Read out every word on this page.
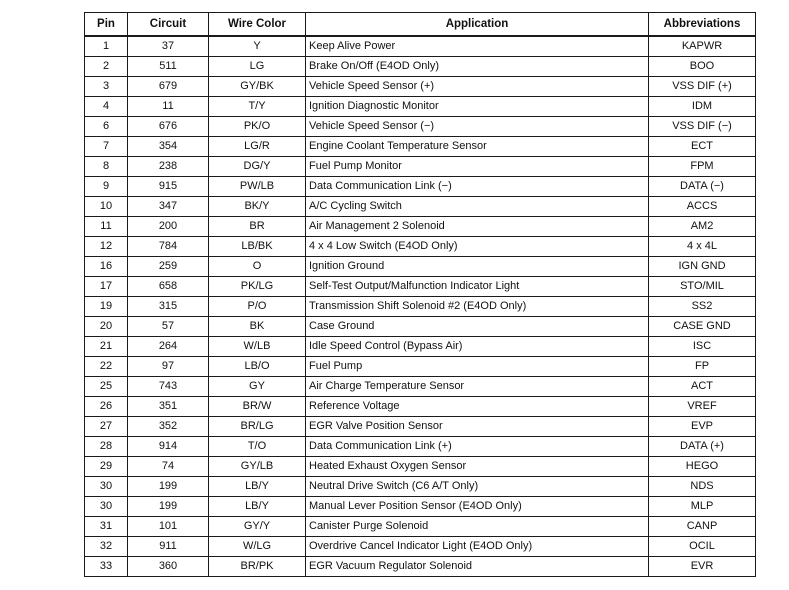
Pin	Circuit	Wire Color	Application	Abbreviations
1	37	Y	Keep Alive Power	KAPWR
2	511	LG	Brake On/Off (E4OD Only)	BOO
3	679	GY/BK	Vehicle Speed Sensor (+)	VSS DIF (+)
4	11	T/Y	Ignition Diagnostic Monitor	IDM
6	676	PK/O	Vehicle Speed Sensor (−)	VSS DIF (−)
7	354	LG/R	Engine Coolant Temperature Sensor	ECT
8	238	DG/Y	Fuel Pump Monitor	FPM
9	915	PW/LB	Data Communication Link (−)	DATA (−)
10	347	BK/Y	A/C Cycling Switch	ACCS
11	200	BR	Air Management 2 Solenoid	AM2
12	784	LB/BK	4 x 4 Low Switch (E4OD Only)	4 x 4L
16	259	O	Ignition Ground	IGN GND
17	658	PK/LG	Self-Test Output/Malfunction Indicator Light	STO/MIL
19	315	P/O	Transmission Shift Solenoid #2 (E4OD Only)	SS2
20	57	BK	Case Ground	CASE GND
21	264	W/LB	Idle Speed Control (Bypass Air)	ISC
22	97	LB/O	Fuel Pump	FP
25	743	GY	Air Charge Temperature Sensor	ACT
26	351	BR/W	Reference Voltage	VREF
27	352	BR/LG	EGR Valve Position Sensor	EVP
28	914	T/O	Data Communication Link (+)	DATA (+)
29	74	GY/LB	Heated Exhaust Oxygen Sensor	HEGO
30	199	LB/Y	Neutral Drive Switch (C6 A/T Only)	NDS
30	199	LB/Y	Manual Lever Position Sensor (E4OD Only)	MLP
31	101	GY/Y	Canister Purge Solenoid	CANP
32	911	W/LG	Overdrive Cancel Indicator Light (E4OD Only)	OCIL
33	360	BR/PK	EGR Vacuum Regulator Solenoid	EVR
